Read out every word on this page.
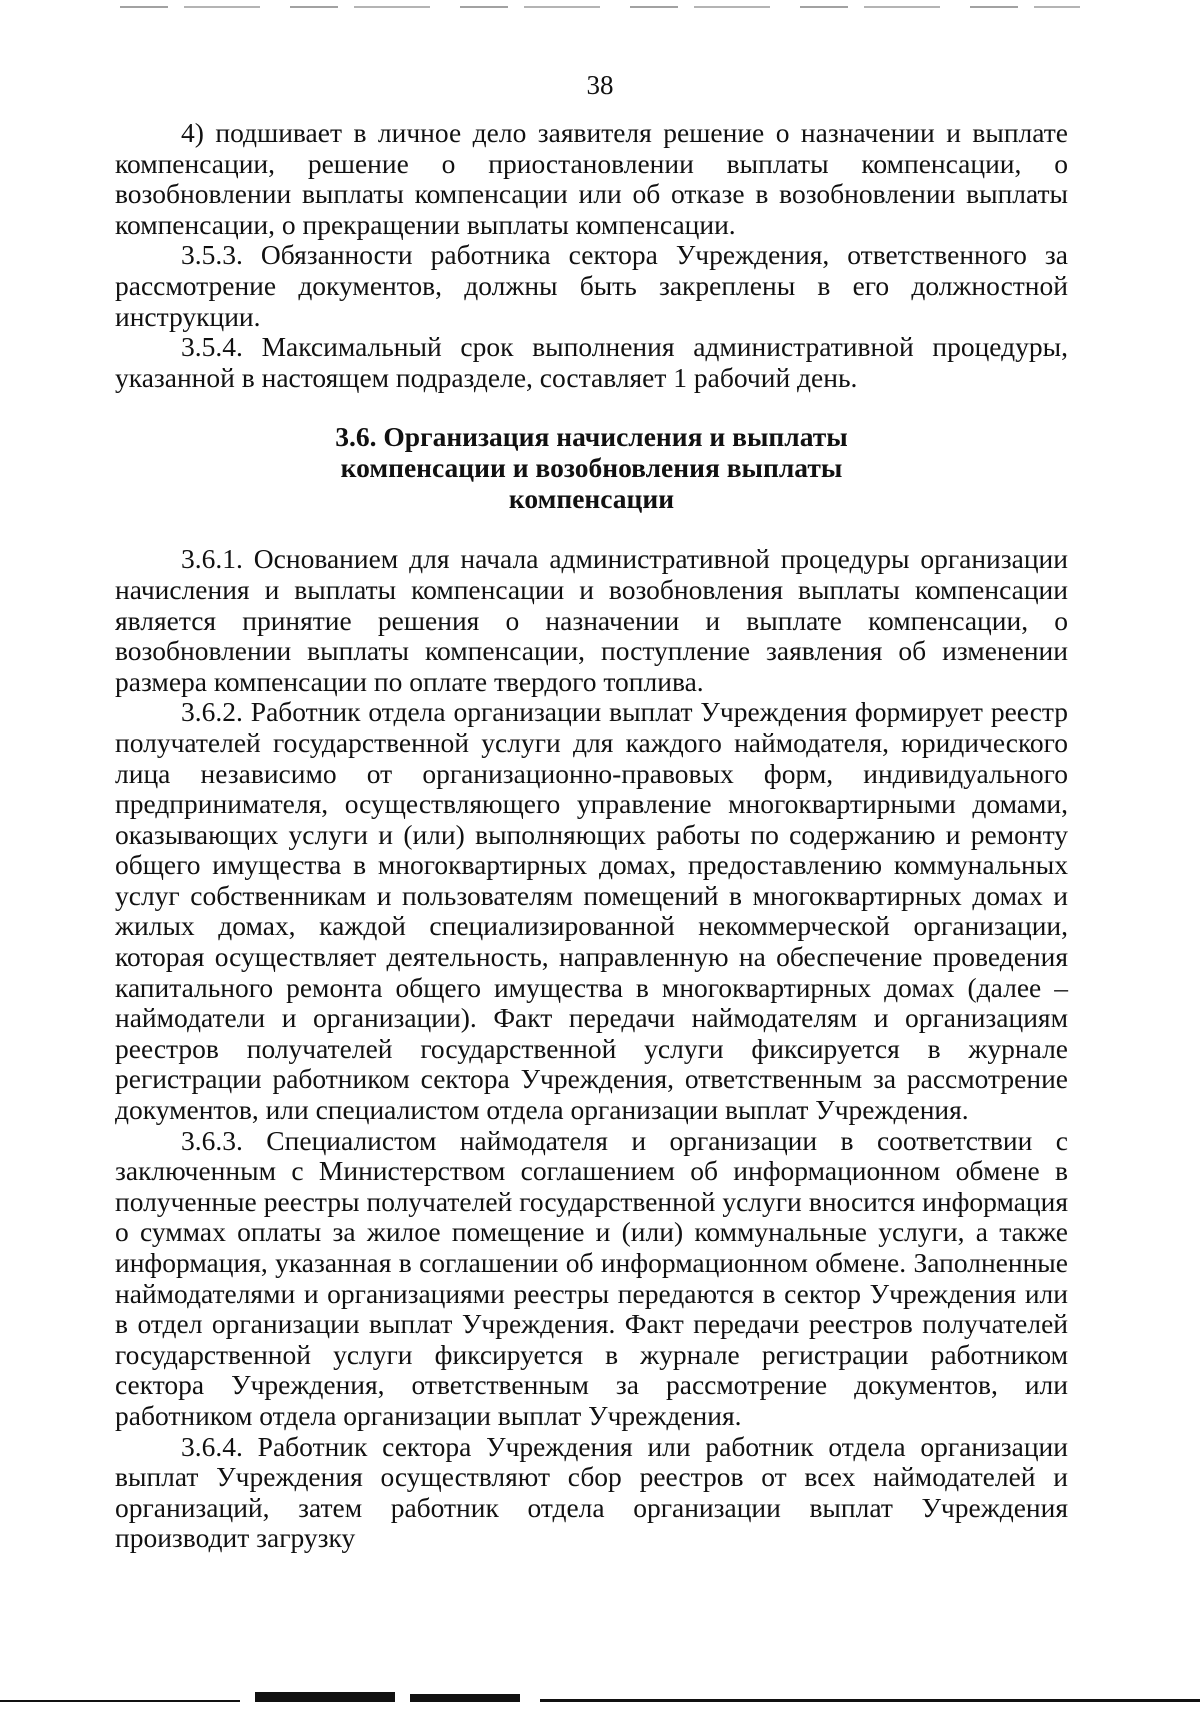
38

4) подшивает в личное дело заявителя решение о назначении и выплате компенсации, решение о приостановлении выплаты компенсации, о возобновлении выплаты компенсации или об отказе в возобновлении выплаты компенсации, о прекращении выплаты компенсации.

3.5.3. Обязанности работника сектора Учреждения, ответственного за рассмотрение документов, должны быть закреплены в его должностной инструкции.

3.5.4. Максимальный срок выполнения административной процедуры, указанной в настоящем подразделе, составляет 1 рабочий день.

3.6. Организация начисления и выплаты
компенсации и возобновления выплаты
компенсации

3.6.1. Основанием для начала административной процедуры организации начисления и выплаты компенсации и возобновления выплаты компенсации является принятие решения о назначении и выплате компенсации, о возобновлении выплаты компенсации, поступление заявления об изменении размера компенсации по оплате твердого топлива.

3.6.2. Работник отдела организации выплат Учреждения формирует реестр получателей государственной услуги для каждого наймодателя, юридического лица независимо от организационно-правовых форм, индивидуального предпринимателя, осуществляющего управление многоквартирными домами, оказывающих услуги и (или) выполняющих работы по содержанию и ремонту общего имущества в многоквартирных домах, предоставлению коммунальных услуг собственникам и пользователям помещений в многоквартирных домах и жилых домах, каждой специализированной некоммерческой организации, которая осуществляет деятельность, направленную на обеспечение проведения капитального ремонта общего имущества в многоквартирных домах (далее – наймодатели и организации). Факт передачи наймодателям и организациям реестров получателей государственной услуги фиксируется в журнале регистрации работником сектора Учреждения, ответственным за рассмотрение документов, или специалистом отдела организации выплат Учреждения.

3.6.3. Специалистом наймодателя и организации в соответствии с заключенным с Министерством соглашением об информационном обмене в полученные реестры получателей государственной услуги вносится информация о суммах оплаты за жилое помещение и (или) коммунальные услуги, а также информация, указанная в соглашении об информационном обмене. Заполненные наймодателями и организациями реестры передаются в сектор Учреждения или в отдел организации выплат Учреждения. Факт передачи реестров получателей государственной услуги фиксируется в журнале регистрации работником сектора Учреждения, ответственным за рассмотрение документов, или работником отдела организации выплат Учреждения.

3.6.4. Работник сектора Учреждения или работник отдела организации выплат Учреждения осуществляют сбор реестров от всех наймодателей и организаций, затем работник отдела организации выплат Учреждения производит загрузку
